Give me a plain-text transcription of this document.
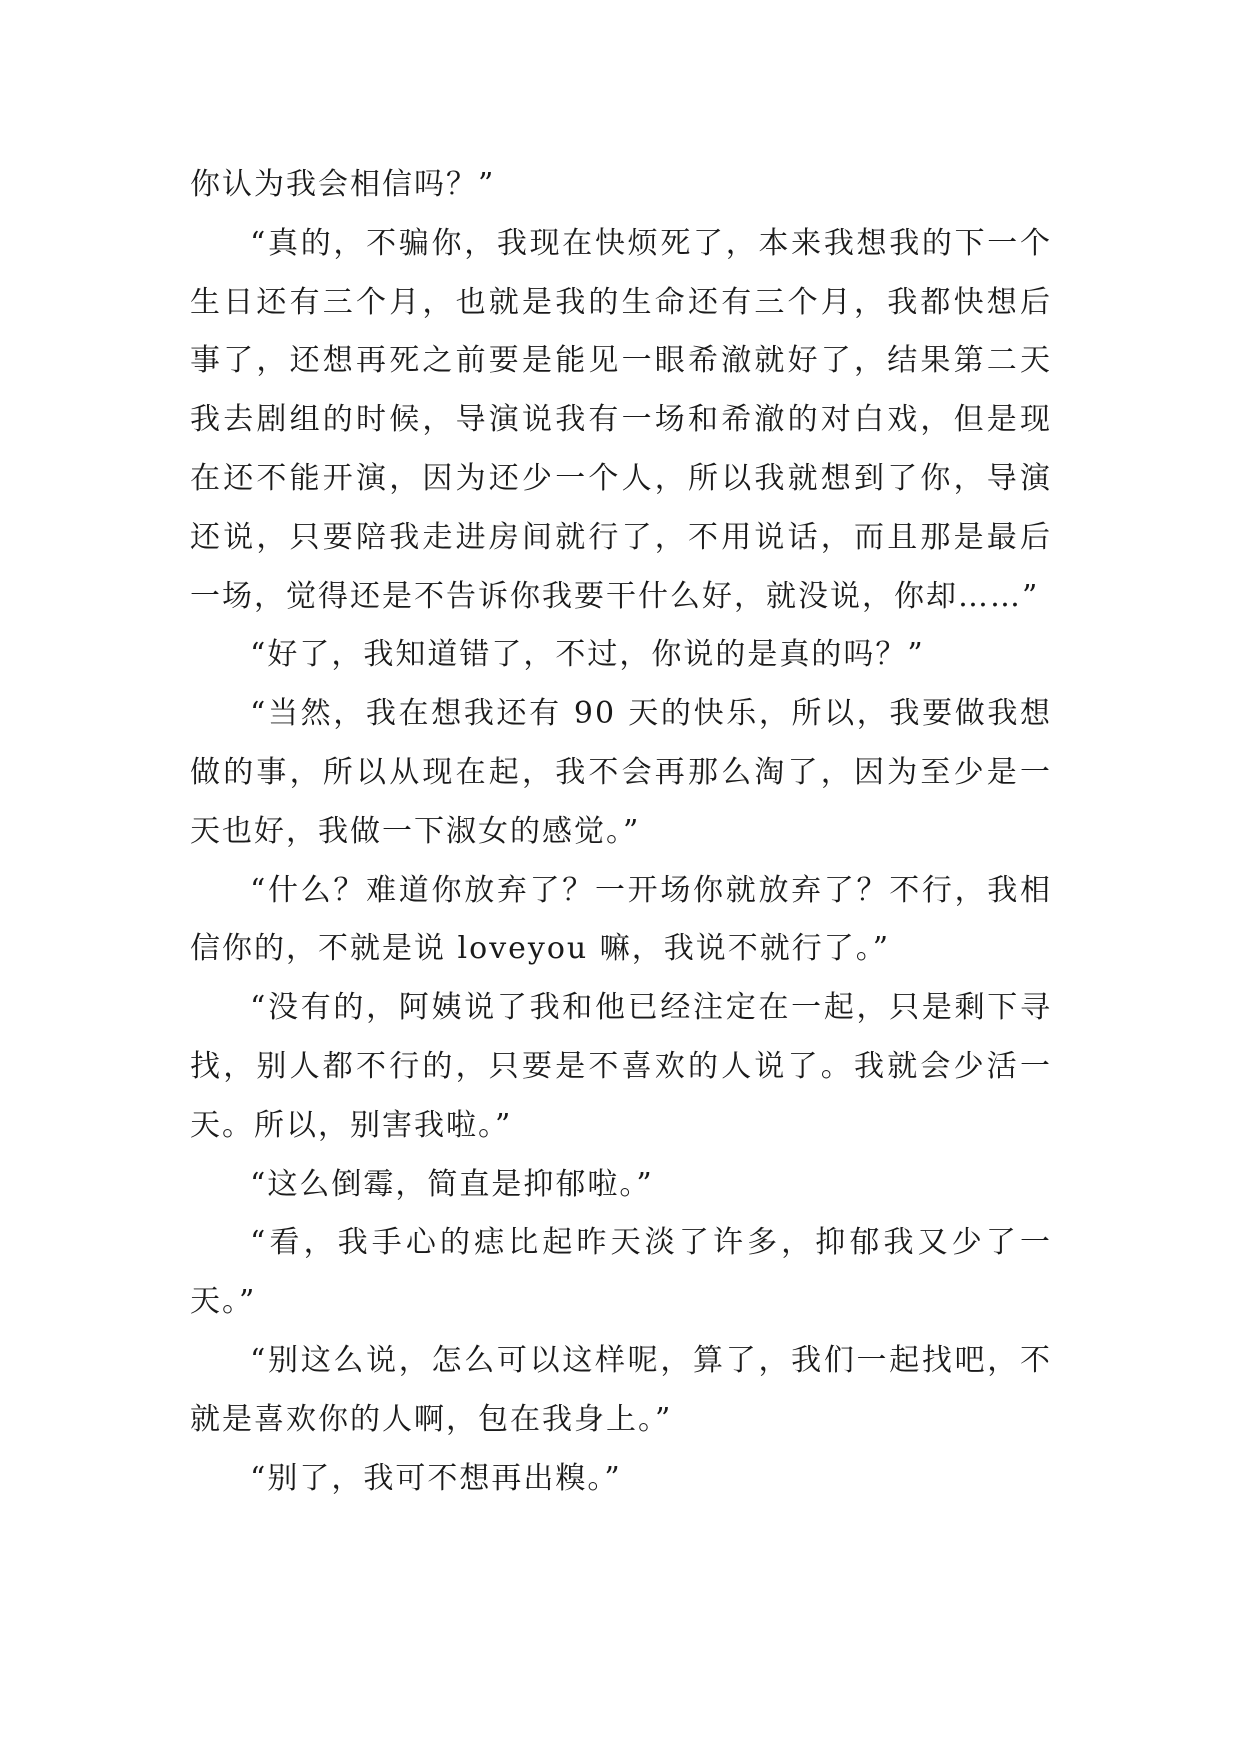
你认为我会相信吗？”

“真的，不骗你，我现在快烦死了，本来我想我的下一个生日还有三个月，也就是我的生命还有三个月，我都快想后事了，还想再死之前要是能见一眼希澈就好了，结果第二天我去剧组的时候，导演说我有一场和希澈的对白戏，但是现在还不能开演，因为还少一个人，所以我就想到了你，导演还说，只要陪我走进房间就行了，不用说话，而且那是最后一场，觉得还是不告诉你我要干什么好，就没说，你却……”

“好了，我知道错了，不过，你说的是真的吗？”

“当然，我在想我还有 90 天的快乐，所以，我要做我想做的事，所以从现在起，我不会再那么淘了，因为至少是一天也好，我做一下淑女的感觉。”

“什么？难道你放弃了？一开场你就放弃了？不行，我相信你的，不就是说 loveyou 嘛，我说不就行了。”

“没有的，阿姨说了我和他已经注定在一起，只是剩下寻找，别人都不行的，只要是不喜欢的人说了。我就会少活一天。所以，别害我啦。”

“这么倒霉，简直是抑郁啦。”

“看，我手心的痣比起昨天淡了许多，抑郁我又少了一天。”

“别这么说，怎么可以这样呢，算了，我们一起找吧，不就是喜欢你的人啊，包在我身上。”

“别了，我可不想再出糗。”
